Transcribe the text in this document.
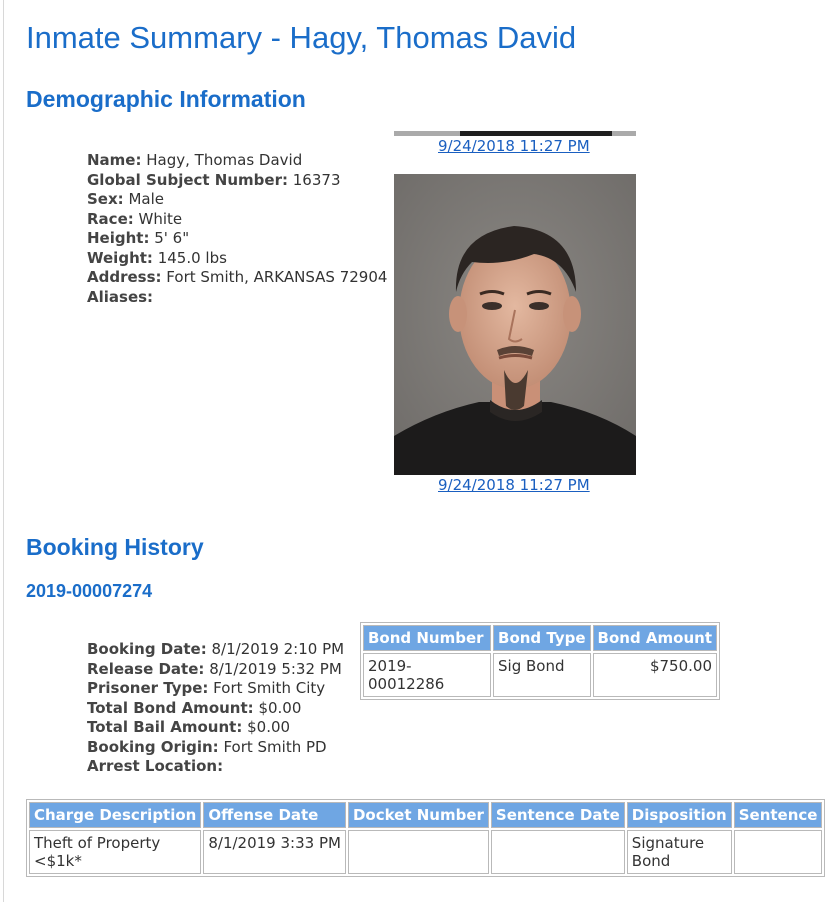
Inmate Summary - Hagy, Thomas David
Demographic Information
Name: Hagy, Thomas David
Global Subject Number: 16373
Sex: Male
Race: White
Height: 5' 6"
Weight: 145.0 lbs
Address: Fort Smith, ARKANSAS 72904
Aliases:
9/24/2018 11:27 PM
9/24/2018 11:27 PM
Booking History
2019-00007274
Booking Date: 8/1/2019 2:10 PM
Release Date: 8/1/2019 5:32 PM
Prisoner Type: Fort Smith City
Total Bond Amount: $0.00
Total Bail Amount: $0.00
Booking Origin: Fort Smith PD
Arrest Location:
Bond Number	Bond Type	Bond Amount
2019-00012286	Sig Bond	$750.00
Charge Description	Offense Date	Docket Number	Sentence Date	Disposition	Sentence
Theft of Property <$1k*	8/1/2019 3:33 PM			Signature Bond	
